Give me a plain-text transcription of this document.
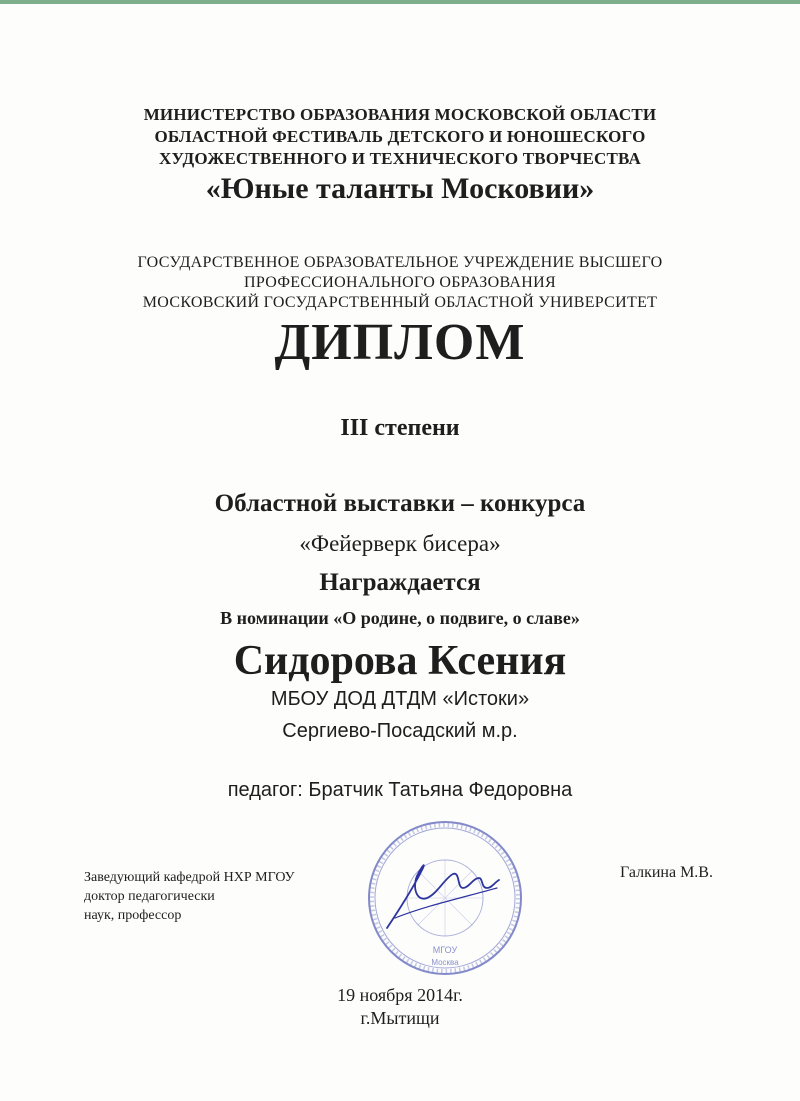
МИНИСТЕРСТВО ОБРАЗОВАНИЯ МОСКОВСКОЙ ОБЛАСТИ
ОБЛАСТНОЙ ФЕСТИВАЛЬ ДЕТСКОГО И ЮНОШЕСКОГО
ХУДОЖЕСТВЕННОГО И ТЕХНИЧЕСКОГО ТВОРЧЕСТВА
«Юные таланты Московии»
ГОСУДАРСТВЕННОЕ ОБРАЗОВАТЕЛЬНОЕ УЧРЕЖДЕНИЕ ВЫСШЕГО
ПРОФЕССИОНАЛЬНОГО ОБРАЗОВАНИЯ
МОСКОВСКИЙ ГОСУДАРСТВЕННЫЙ ОБЛАСТНОЙ УНИВЕРСИТЕТ
ДИПЛОМ
III степени
Областной выставки – конкурса
«Фейерверк бисера»
Награждается
В номинации «О родине, о подвиге, о славе»
Сидорова Ксения
МБОУ ДОД ДТДМ «Истоки»
Сергиево-Посадский м.р.
педагог: Братчик Татьяна Федоровна
Заведующий кафедрой НХР МГОУ
доктор педагогически
наук, профессор
Галкина М.В.
МГОУ
Москва
19 ноября 2014г.
г.Мытищи
